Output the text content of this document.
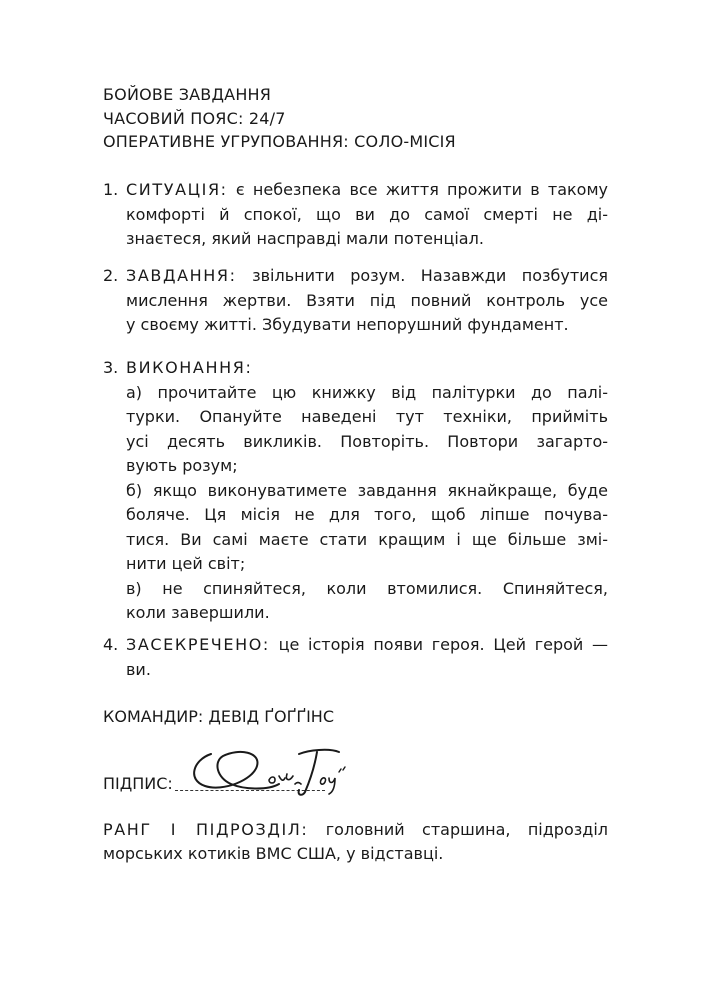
БОЙОВЕ ЗАВДАННЯ
ЧАСОВИЙ ПОЯС: 24/7
ОПЕРАТИВНЕ УГРУПОВАННЯ: СОЛО-МІСІЯ
1. СИТУАЦІЯ: є небезпека все життя прожити в такому
комфорті й спокої, що ви до самої смерті не ді-
знаєтеся, який насправді мали потенціал.
2. ЗАВДАННЯ: звільнити розум. Назавжди позбутися
мислення жертви. Взяти під повний контроль усе
у своєму житті. Збудувати непорушний фундамент.
3. ВИКОНАННЯ:
а) прочитайте цю книжку від палітурки до палі-
турки. Опануйте наведені тут техніки, прийміть
усі десять викликів. Повторіть. Повтори загарто-
вують розум;
б) якщо виконуватимете завдання якнайкраще, буде
боляче. Ця місія не для того, щоб ліпше почува-
тися. Ви самі маєте стати кращим і ще більше змі-
нити цей світ;
в) не спиняйтеся, коли втомилися. Спиняйтеся,
коли завершили.
4. ЗАСЕКРЕЧЕНО: це історія появи героя. Цей герой —
ви.
КОМАНДИР: ДЕВІД ҐОҐҐІНС
ПІДПИС:
РАНГ І ПІДРОЗДІЛ: головний старшина, підрозділ
морських котиків ВМС США, у відставці.
